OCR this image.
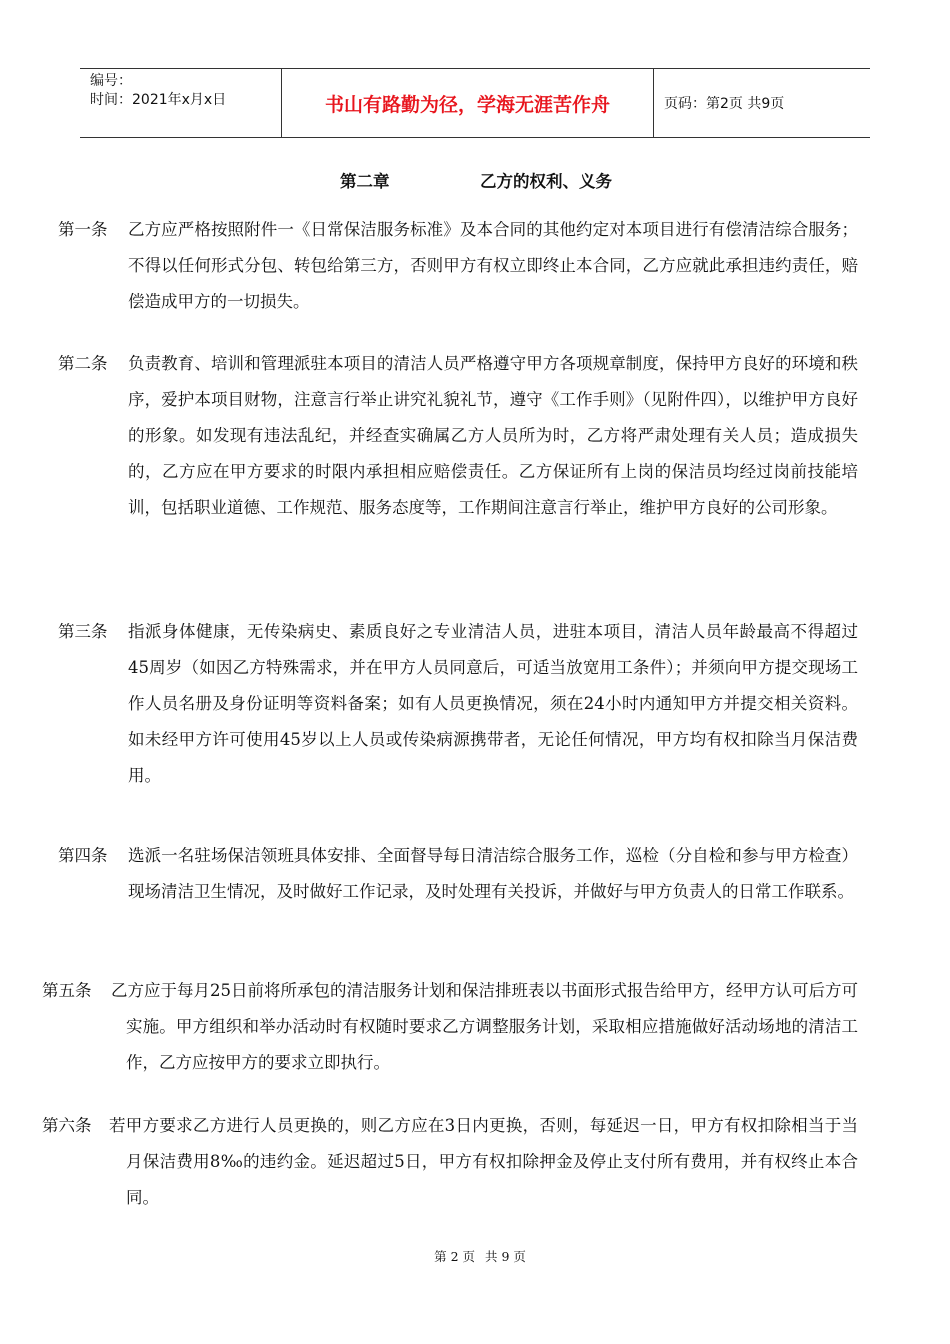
编号：
时间：2021年x月x日	书山有路勤为径，学海无涯苦作舟	页码：第2页 共9页
第二章	乙方的权利、义务
第一条	乙方应严格按照附件一《日常保洁服务标准》及本合同的其他约定对本项目进行有偿清洁综合服务；不得以任何形式分包、转包给第三方，否则甲方有权立即终止本合同，乙方应就此承担违约责任，赔偿造成甲方的一切损失。
第二条	负责教育、培训和管理派驻本项目的清洁人员严格遵守甲方各项规章制度，保持甲方良好的环境和秩序，爱护本项目财物，注意言行举止讲究礼貌礼节，遵守《工作手则》（见附件四），以维护甲方良好的形象。如发现有违法乱纪，并经查实确属乙方人员所为时，乙方将严肃处理有关人员；造成损失的，乙方应在甲方要求的时限内承担相应赔偿责任。乙方保证所有上岗的保洁员均经过岗前技能培训，包括职业道德、工作规范、服务态度等，工作期间注意言行举止，维护甲方良好的公司形象。
第三条	指派身体健康，无传染病史、素质良好之专业清洁人员，进驻本项目，清洁人员年龄最高不得超过45周岁（如因乙方特殊需求，并在甲方人员同意后，可适当放宽用工条件）；并须向甲方提交现场工作人员名册及身份证明等资料备案；如有人员更换情况，须在24小时内通知甲方并提交相关资料。如未经甲方许可使用45岁以上人员或传染病源携带者，无论任何情况，甲方均有权扣除当月保洁费用。
第四条	选派一名驻场保洁领班具体安排、全面督导每日清洁综合服务工作，巡检（分自检和参与甲方检查）现场清洁卫生情况，及时做好工作记录，及时处理有关投诉，并做好与甲方负责人的日常工作联系。
第五条	乙方应于每月25日前将所承包的清洁服务计划和保洁排班表以书面形式报告给甲方，经甲方认可后方可实施。甲方组织和举办活动时有权随时要求乙方调整服务计划，采取相应措施做好活动场地的清洁工作，乙方应按甲方的要求立即执行。
第六条	若甲方要求乙方进行人员更换的，则乙方应在3日内更换，否则，每延迟一日，甲方有权扣除相当于当月保洁费用8‰的违约金。延迟超过5日，甲方有权扣除押金及停止支付所有费用，并有权终止本合同。
第 2 页 共 9 页
